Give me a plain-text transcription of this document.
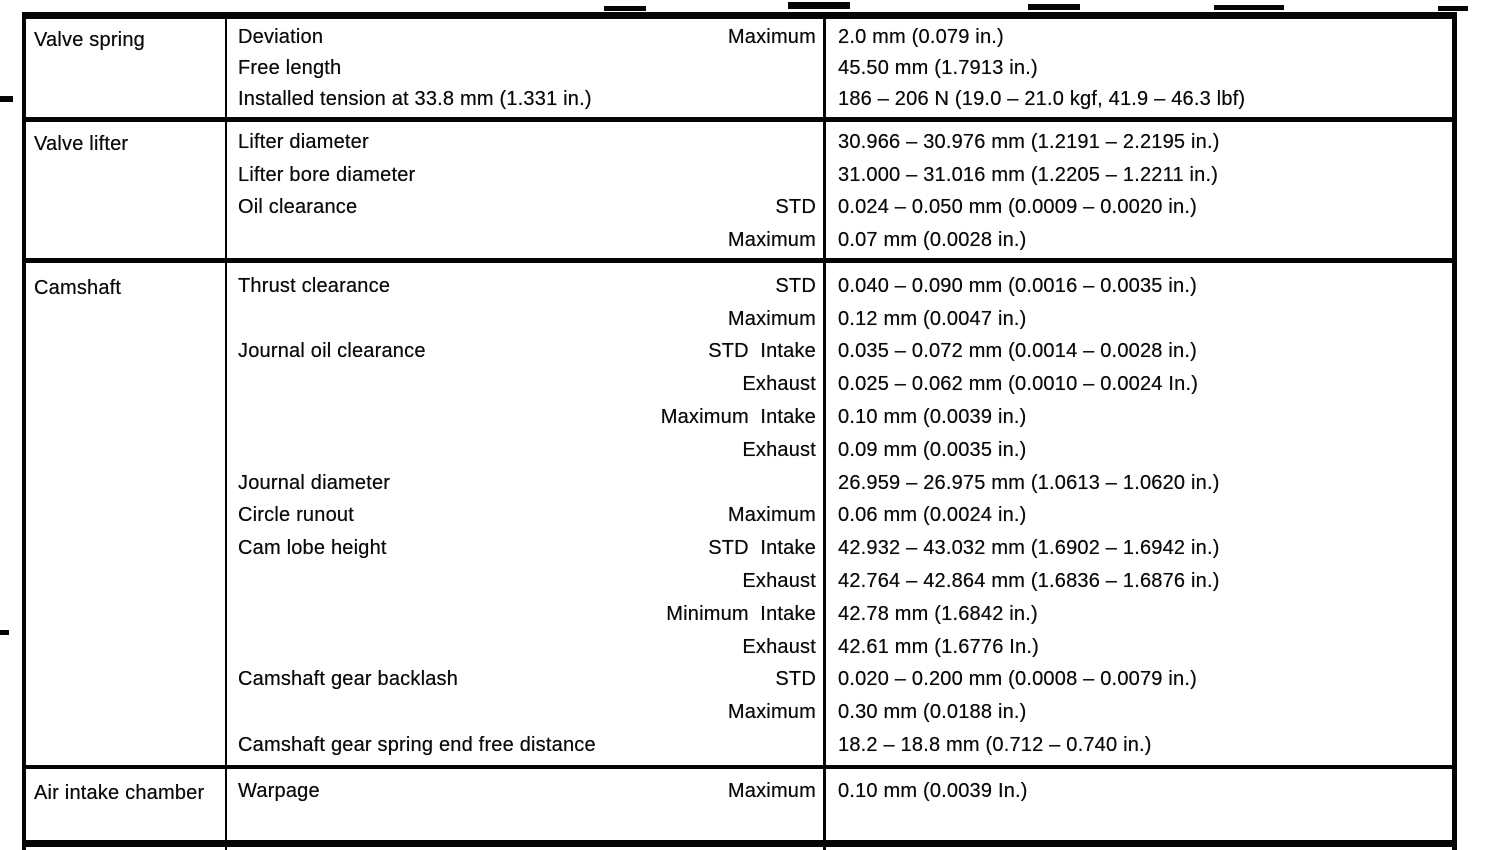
Valve spring	Deviation	Maximum	2.0 mm (0.079 in.)
Free length	45.50 mm (1.7913 in.)
Installed tension at 33.8 mm (1.331 in.)	186 – 206 N (19.0 – 21.0 kgf, 41.9 – 46.3 lbf)
Valve lifter	Lifter diameter	30.966 – 30.976 mm (1.2191 – 2.2195 in.)
Lifter bore diameter	31.000 – 31.016 mm (1.2205 – 1.2211 in.)
Oil clearance	STD	0.024 – 0.050 mm (0.0009 – 0.0020 in.)
Maximum	0.07 mm (0.0028 in.)
Camshaft	Thrust clearance	STD	0.040 – 0.090 mm (0.0016 – 0.0035 in.)
Maximum	0.12 mm (0.0047 in.)
Journal oil clearance	STD  Intake	0.035 – 0.072 mm (0.0014 – 0.0028 in.)
Exhaust	0.025 – 0.062 mm (0.0010 – 0.0024 In.)
Maximum  Intake	0.10 mm (0.0039 in.)
Exhaust	0.09 mm (0.0035 in.)
Journal diameter	26.959 – 26.975 mm (1.0613 – 1.0620 in.)
Circle runout	Maximum	0.06 mm (0.0024 in.)
Cam lobe height	STD  Intake	42.932 – 43.032 mm (1.6902 – 1.6942 in.)
Exhaust	42.764 – 42.864 mm (1.6836 – 1.6876 in.)
Minimum  Intake	42.78 mm (1.6842 in.)
Exhaust	42.61 mm (1.6776 In.)
Camshaft gear backlash	STD	0.020 – 0.200 mm (0.0008 – 0.0079 in.)
Maximum	0.30 mm (0.0188 in.)
Camshaft gear spring end free distance	18.2 – 18.8 mm (0.712 – 0.740 in.)
Air intake chamber	Warpage	Maximum	0.10 mm (0.0039 In.)
